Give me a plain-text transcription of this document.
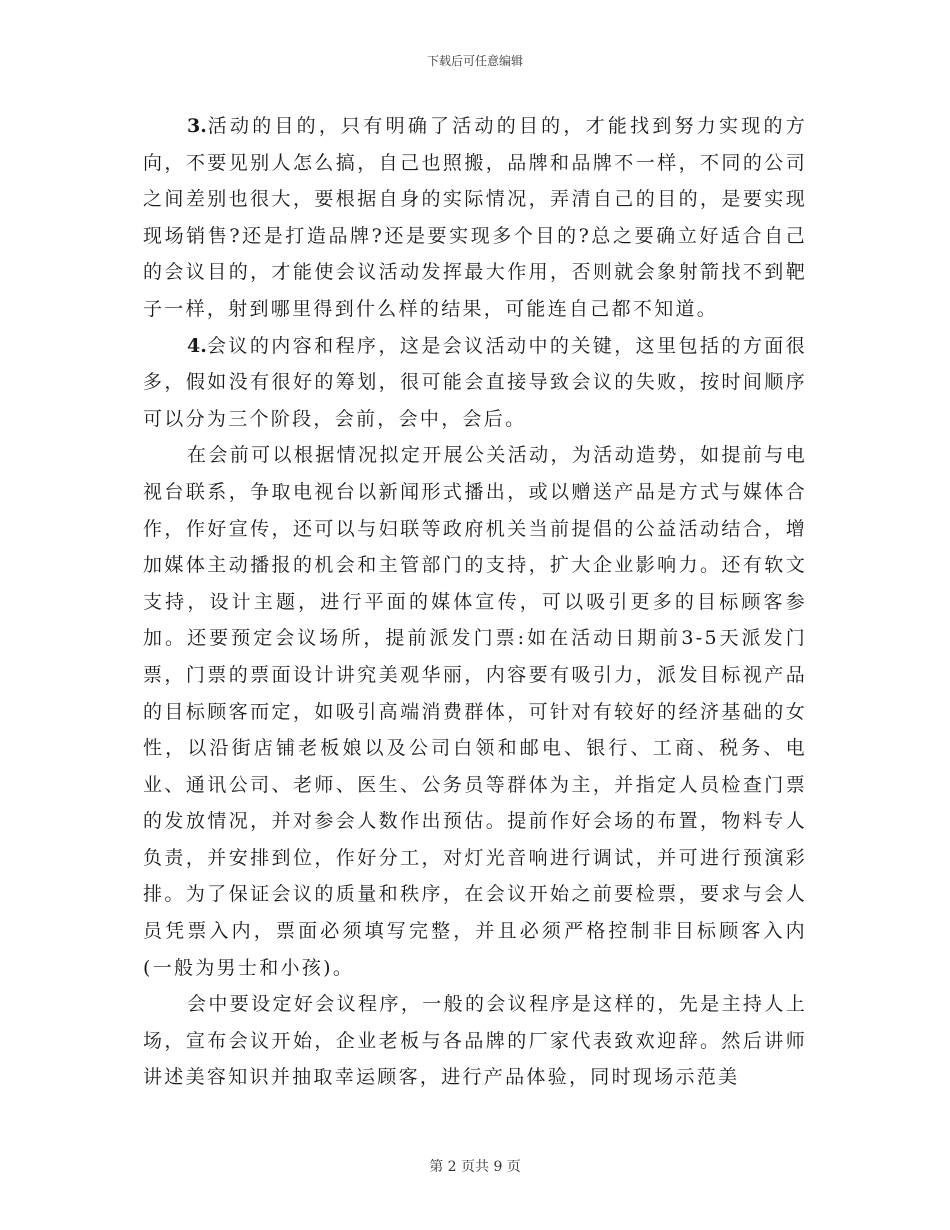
下载后可任意编辑

3.活动的目的，只有明确了活动的目的，才能找到努力实现的方向，不要见别人怎么搞，自己也照搬，品牌和品牌不一样，不同的公司之间差别也很大，要根据自身的实际情况，弄清自己的目的，是要实现现场销售?还是打造品牌?还是要实现多个目的?总之要确立好适合自己的会议目的，才能使会议活动发挥最大作用，否则就会象射箭找不到靶子一样，射到哪里得到什么样的结果，可能连自己都不知道。

4.会议的内容和程序，这是会议活动中的关键，这里包括的方面很多，假如没有很好的筹划，很可能会直接导致会议的失败，按时间顺序可以分为三个阶段，会前，会中，会后。

在会前可以根据情况拟定开展公关活动，为活动造势，如提前与电视台联系，争取电视台以新闻形式播出，或以赠送产品是方式与媒体合作，作好宣传，还可以与妇联等政府机关当前提倡的公益活动结合，增加媒体主动播报的机会和主管部门的支持，扩大企业影响力。还有软文支持，设计主题，进行平面的媒体宣传，可以吸引更多的目标顾客参加。还要预定会议场所，提前派发门票:如在活动日期前3-5天派发门票，门票的票面设计讲究美观华丽，内容要有吸引力，派发目标视产品的目标顾客而定，如吸引高端消费群体，可针对有较好的经济基础的女性，以沿街店铺老板娘以及公司白领和邮电、银行、工商、税务、电业、通讯公司、老师、医生、公务员等群体为主，并指定人员检查门票的发放情况，并对参会人数作出预估。提前作好会场的布置，物料专人负责，并安排到位，作好分工，对灯光音响进行调试，并可进行预演彩排。为了保证会议的质量和秩序，在会议开始之前要检票，要求与会人员凭票入内，票面必须填写完整，并且必须严格控制非目标顾客入内(一般为男士和小孩)。

会中要设定好会议程序，一般的会议程序是这样的，先是主持人上场，宣布会议开始，企业老板与各品牌的厂家代表致欢迎辞。然后讲师讲述美容知识并抽取幸运顾客，进行产品体验，同时现场示范美

第 2 页共 9 页
